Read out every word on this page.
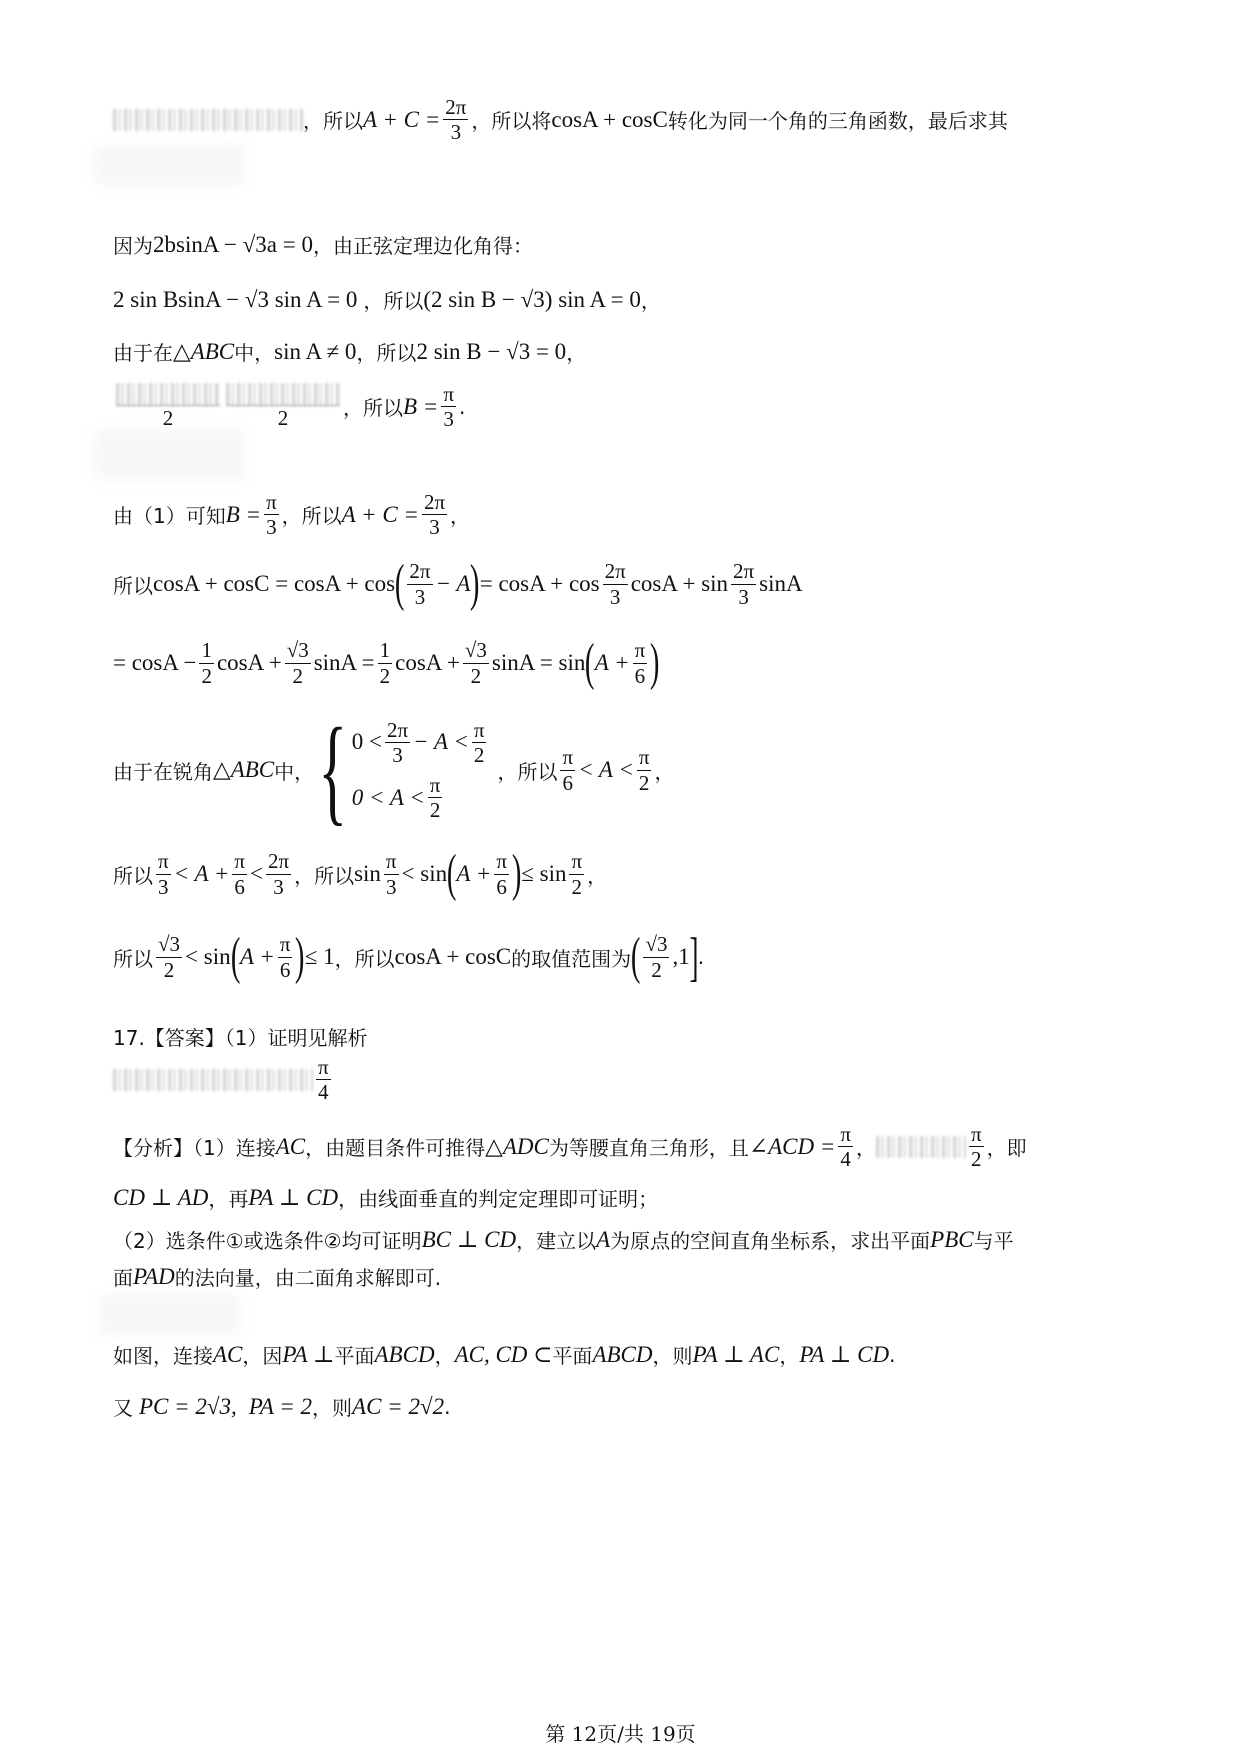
，所以 $A + C = \frac{2\pi}{3}$ ，所以将 cosA + cosC 转化为同一个角的三角函数，最后求其
因为 2bsinA − √3a = 0 ，由正弦定理边化角得：
2 sin BsinA − √3 sin A = 0 ，所以 (2 sin B − √3) sin A = 0 ，
由于在 △ABC 中， sin A ≠ 0 ，所以 2 sin B − √3 = 0 ，
2	2	，所以 $B = \frac{\pi}{3}$ .
由（1）可知 $B = \frac{\pi}{3}$ ，所以 $A + C = \frac{2\pi}{3}$ ，
所以 cosA + cosC = cosA + cos ( $\frac{2\pi}{3} - A$ ) = $\cos A + \cos \frac{2\pi}{3}$ $\cos A + \sin \frac{2\pi}{3}$ sinA
= $\cos A - \frac{1}{2}$ $\cos A + \frac{√3}{2}$ $\sin A = \frac{1}{2}$ $\cos A + \frac{√3}{2}$ sinA = sin ( $A + \frac{\pi}{6}$ )
由于在锐角 △ABC 中， { $0 < \frac{2\pi}{3} - A < \frac{\pi}{2}$
$0 < A < \frac{\pi}{2}$
，所以 $\frac{\pi}{6} < A < \frac{\pi}{2}$ ，
所以 $\frac{\pi}{3} < A + \frac{\pi}{6} < \frac{2\pi}{3}$ ，所以 $\sin \frac{\pi}{3} < \sin$ ( $A + \frac{\pi}{6}$ ) ≤ $\sin \frac{\pi}{2}$ ，
所以 $\frac{√3}{2} < \sin$ ( $A + \frac{\pi}{6}$ ) ≤ 1 ，所以 cosA + cosC 的取值范围为 ( $\frac{√3}{2} ,1$ ] .
17.【答案】（1）证明见解析
$\frac{\pi}{4}$
【分析】（1）连接 AC ，由题目条件可推得 △ADC 为等腰直角三角形，且 ∠ACD = $\frac{\pi}{4}$ ，	$\frac{\pi}{2}$ ，即
CD ⊥ AD ，再 PA ⊥ CD ，由线面垂直的判定定理即可证明；
（2）选条件①或选条件②均可证明 BC ⊥ CD ，建立以 A 为原点的空间直角坐标系，求出平面 PBC 与平
面 PAD 的法向量，由二面角求解即可.
如图，连接 AC ，因 PA ⊥ 平面 ABCD ， AC, CD ⊂ 平面 ABCD ，则 PA ⊥ AC ， PA ⊥ CD .
又 PC = 2√3, PA = 2 ，则 AC = 2√2 .
第 12页/共 19页
